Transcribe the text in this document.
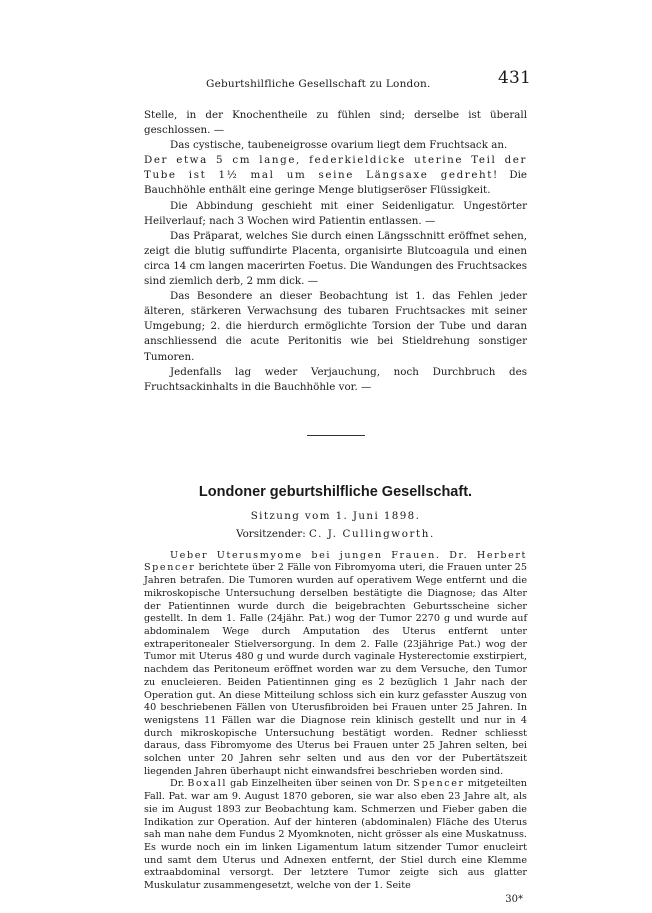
Geburtshilfliche Gesellschaft zu London.	431

Stelle, in der Knochentheile zu fühlen sind; derselbe ist überall geschlossen. —

Das cystische, taubeneigrosse ovarium liegt dem Fruchtsack an.

Der etwa 5 cm lange, federkieldicke uterine Teil der Tube ist 1½ mal um seine Längsaxe gedreht! Die Bauchhöhle enthält eine geringe Menge blutigseröser Flüssigkeit.

Die Abbindung geschieht mit einer Seidenligatur. Ungestörter Heilverlauf; nach 3 Wochen wird Patientin entlassen. —

Das Präparat, welches Sie durch einen Längsschnitt eröffnet sehen, zeigt die blutig suffundirte Placenta, organisirte Blutcoagula und einen circa 14 cm langen macerirten Foetus. Die Wandungen des Fruchtsackes sind ziemlich derb, 2 mm dick. —

Das Besondere an dieser Beobachtung ist 1. das Fehlen jeder älteren, stärkeren Verwachsung des tubaren Fruchtsackes mit seiner Umgebung; 2. die hierdurch ermöglichte Torsion der Tube und daran anschliessend die acute Peritonitis wie bei Stieldrehung sonstiger Tumoren.

Jedenfalls lag weder Verjauchung, noch Durchbruch des Fruchtsackinhalts in die Bauchhöhle vor. —

Londoner geburtshilfliche Gesellschaft.
Sitzung vom 1. Juni 1898.
Vorsitzender: C. J. Cullingworth.

Ueber Uterusmyome bei jungen Frauen. Dr. Herbert Spencer berichtete über 2 Fälle von Fibromyoma uteri, die Frauen unter 25 Jahren betrafen. Die Tumoren wurden auf operativem Wege entfernt und die mikroskopische Untersuchung derselben bestätigte die Diagnose; das Alter der Patientinnen wurde durch die beigebrachten Geburtsscheine sicher gestellt. In dem 1. Falle (24jähr. Pat.) wog der Tumor 2270 g und wurde auf abdominalem Wege durch Amputation des Uterus entfernt unter extraperitonealer Stielversorgung. In dem 2. Falle (23jährige Pat.) wog der Tumor mit Uterus 480 g und wurde durch vaginale Hysterectomie exstirpiert, nachdem das Peritoneum eröffnet worden war zu dem Versuche, den Tumor zu enucleieren. Beiden Patientinnen ging es 2 bezüglich 1 Jahr nach der Operation gut. An diese Mitteilung schloss sich ein kurz gefasster Auszug von 40 beschriebenen Fällen von Uterusfibroiden bei Frauen unter 25 Jahren. In wenigstens 11 Fällen war die Diagnose rein klinisch gestellt und nur in 4 durch mikroskopische Untersuchung bestätigt worden. Redner schliesst daraus, dass Fibromyome des Uterus bei Frauen unter 25 Jahren selten, bei solchen unter 20 Jahren sehr selten und aus den vor der Pubertätszeit liegenden Jahren überhaupt nicht einwandsfrei beschrieben worden sind.

Dr. Boxall gab Einzelheiten über seinen von Dr. Spencer mitgeteilten Fall. Pat. war am 9. August 1870 geboren, sie war also eben 23 Jahre alt, als sie im August 1893 zur Beobachtung kam. Schmerzen und Fieber gaben die Indikation zur Operation. Auf der hinteren (abdominalen) Fläche des Uterus sah man nahe dem Fundus 2 Myomknoten, nicht grösser als eine Muskatnuss. Es wurde noch ein im linken Ligamentum latum sitzender Tumor enucleirt und samt dem Uterus und Adnexen entfernt, der Stiel durch eine Klemme extraabdominal versorgt. Der letztere Tumor zeigte sich aus glatter Muskulatur zusammengesetzt, welche von der 1. Seite

30*
